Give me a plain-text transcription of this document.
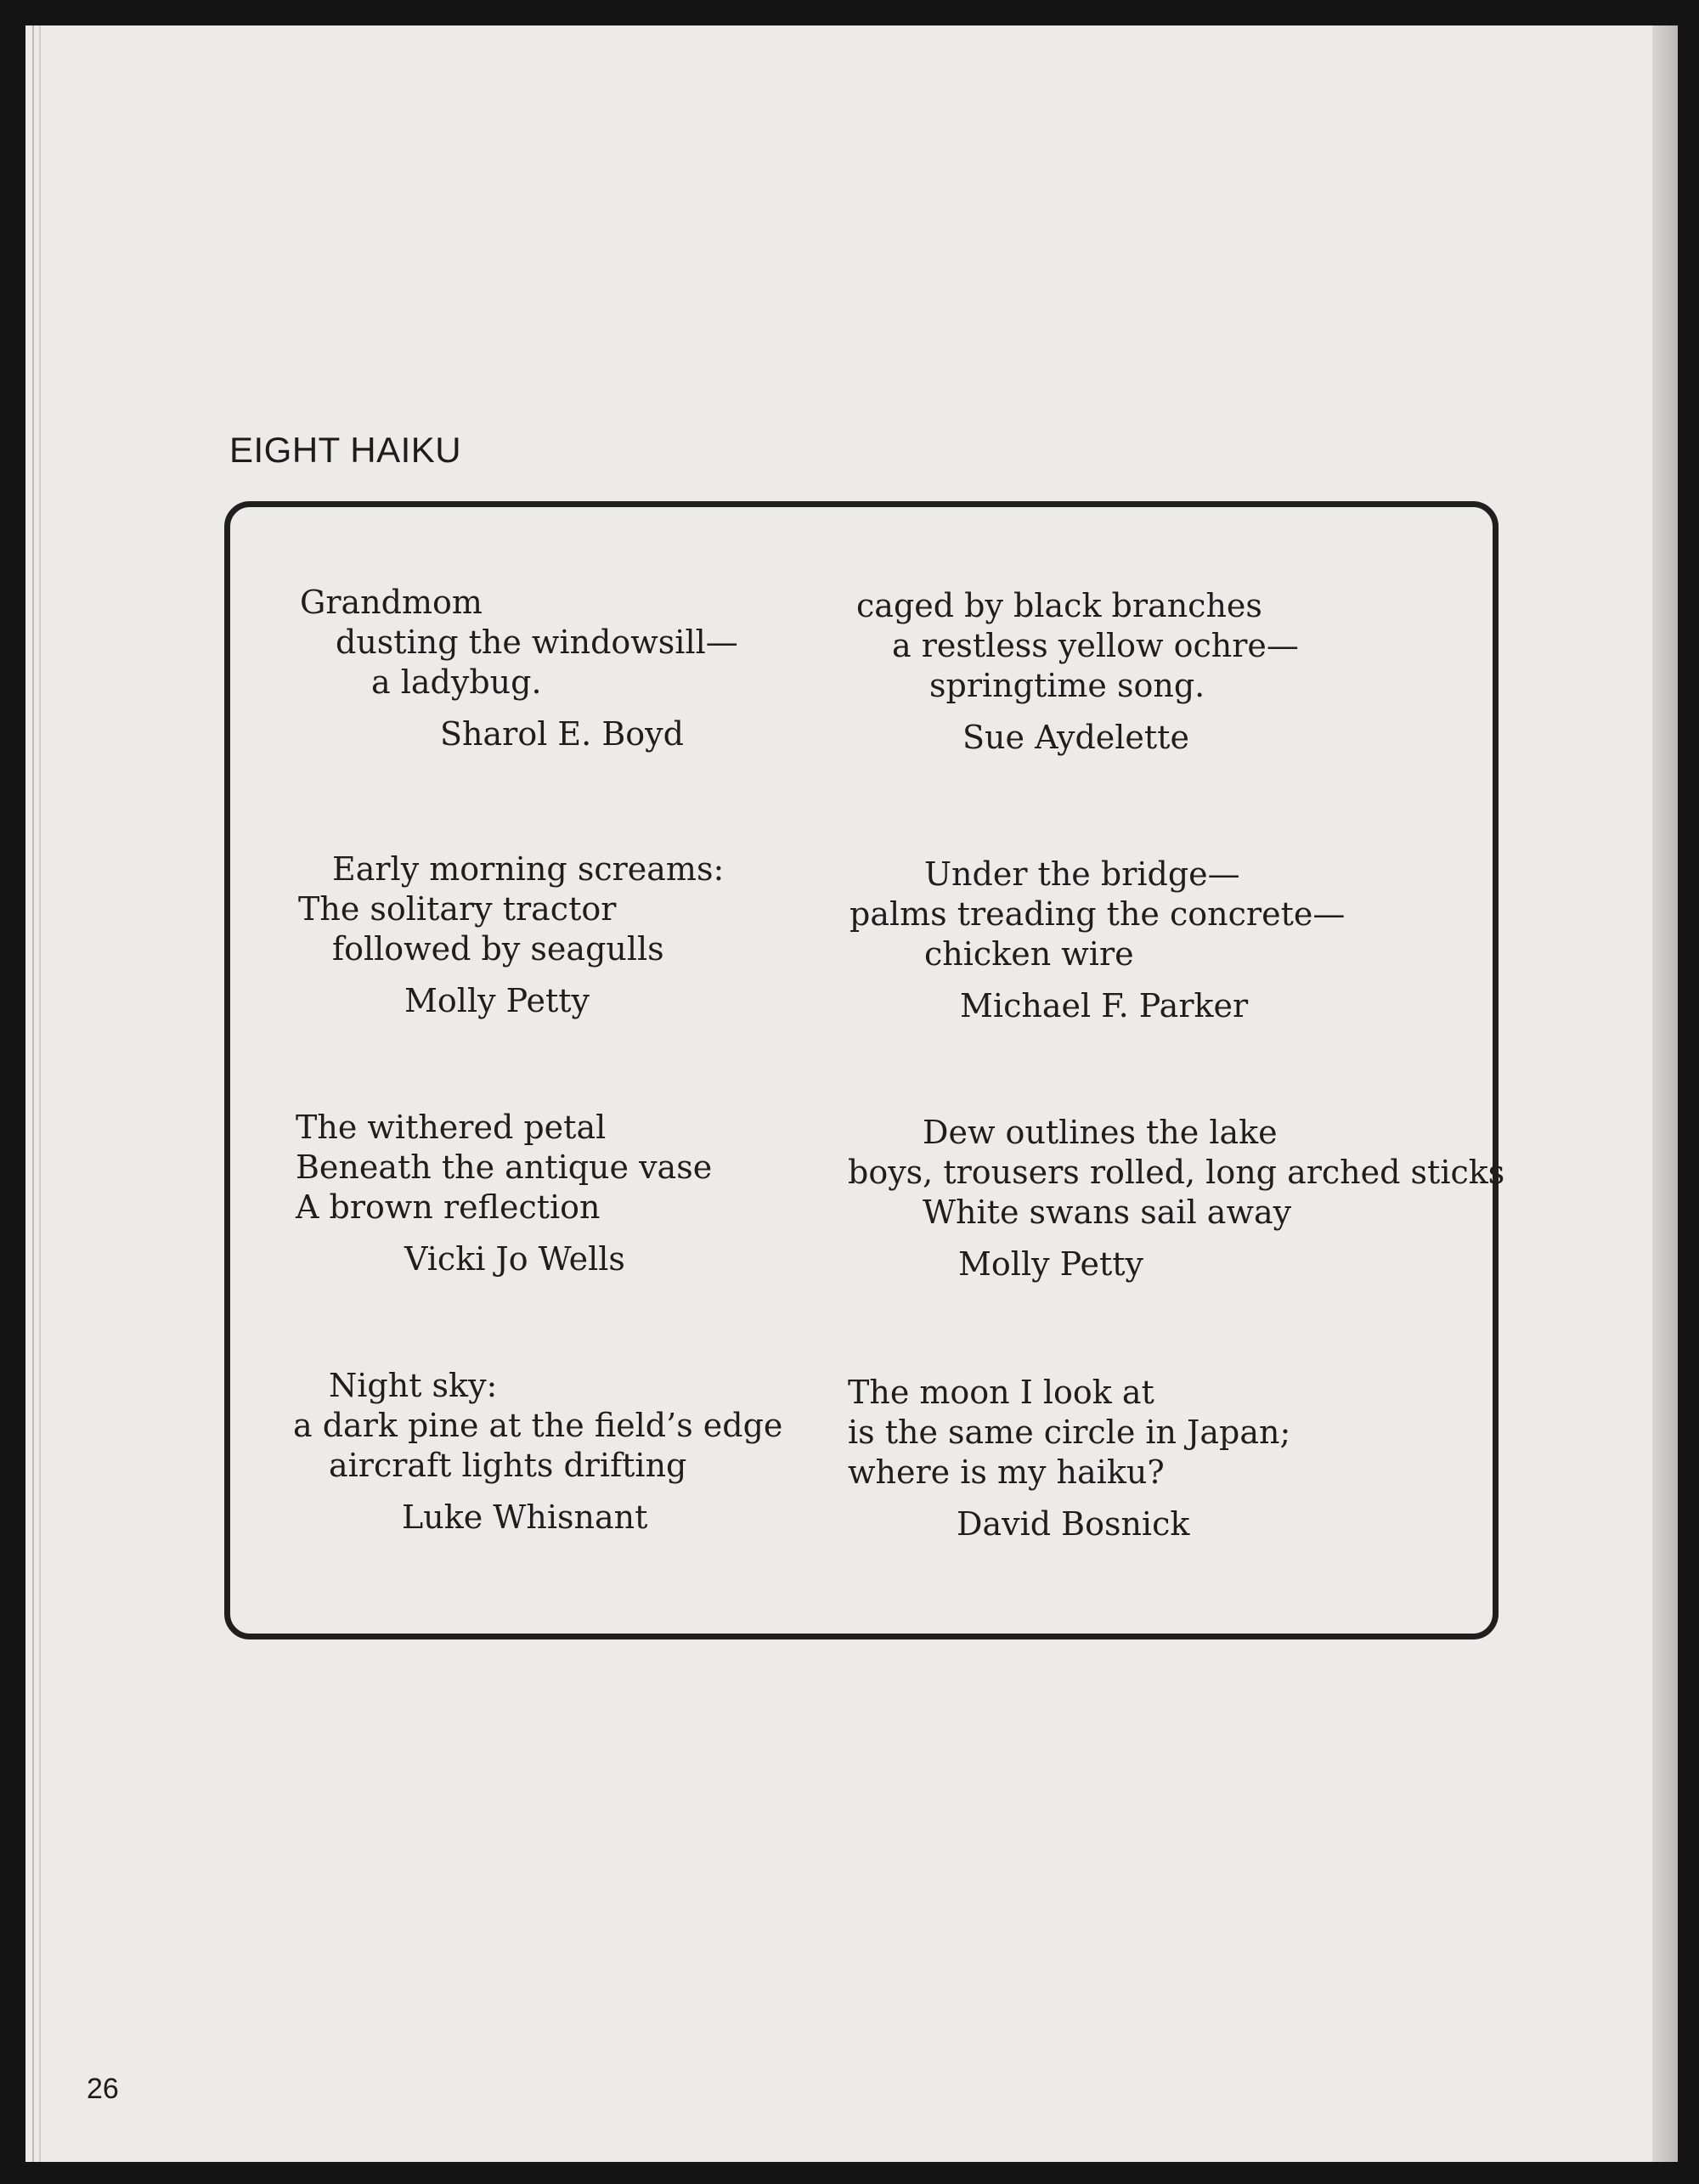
EIGHT HAIKU
Grandmom
dusting the windowsill—
a ladybug.
Sharol E. Boyd
caged by black branches
a restless yellow ochre—
springtime song.
Sue Aydelette
Early morning screams:
The solitary tractor
followed by seagulls
Molly Petty
Under the bridge—
palms treading the concrete—
chicken wire
Michael F. Parker
The withered petal
Beneath the antique vase
A brown reflection
Vicki Jo Wells
Dew outlines the lake
boys, trousers rolled, long arched sticks
White swans sail away
Molly Petty
Night sky:
a dark pine at the field’s edge
aircraft lights drifting
Luke Whisnant
The moon I look at
is the same circle in Japan;
where is my haiku?
David Bosnick
26
